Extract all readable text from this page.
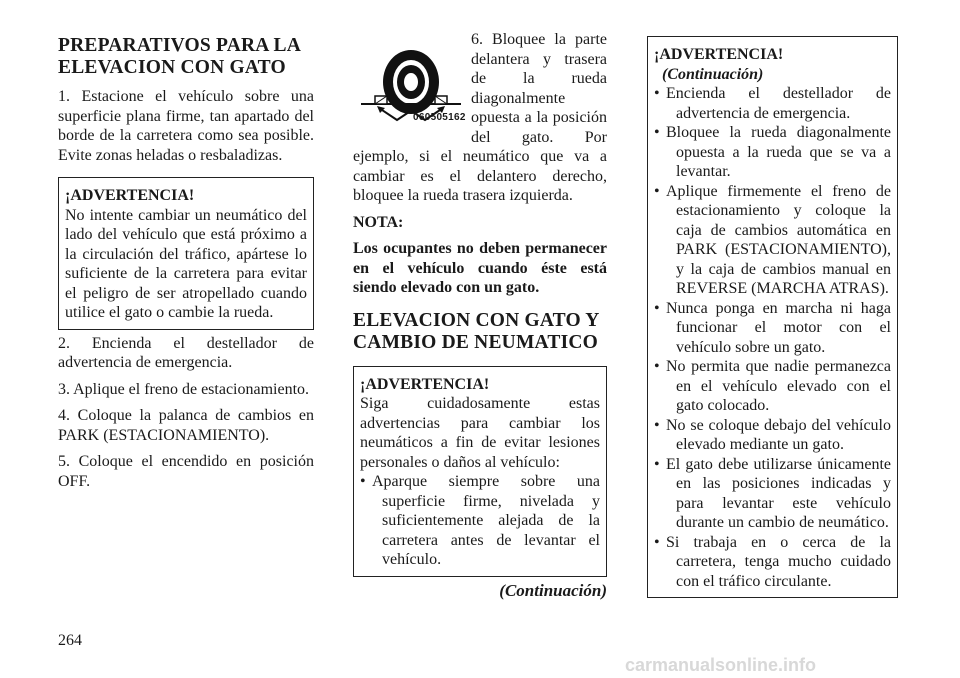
PREPARATIVOS PARA LA ELEVACION CON GATO

1. Estacione el vehículo sobre una superficie plana firme, tan apartado del borde de la carretera como sea posible. Evite zonas heladas o resbaladizas.

¡ADVERTENCIA!
No intente cambiar un neumático del lado del vehículo que está próximo a la circulación del tráfico, apártese lo suficiente de la carretera para evitar el peligro de ser atropellado cuando utilice el gato o cambie la rueda.

2. Encienda el destellador de advertencia de emergencia.

3. Aplique el freno de estacionamiento.

4. Coloque la palanca de cambios en PARK (ESTACIONAMIENTO).

5. Coloque el encendido en posición OFF.

060505162

6. Bloquee la parte delantera y trasera de la rueda diagonalmente opuesta a la posición del gato. Por ejemplo, si el neumático que va a cambiar es el delantero derecho, bloquee la rueda trasera izquierda.

NOTA:

Los ocupantes no deben permanecer en el vehículo cuando éste está siendo elevado con un gato.

ELEVACION CON GATO Y CAMBIO DE NEUMATICO
¡ADVERTENCIA!
Siga cuidadosamente estas advertencias para cambiar los neumáticos a fin de evitar lesiones personales o daños al vehículo:
• Aparque siempre sobre una superficie firme, nivelada y suficientemente alejada de la carretera antes de levantar el vehículo.
(Continuación)
¡ADVERTENCIA!(Continuación)
• Encienda el destellador de advertencia de emergencia.
• Bloquee la rueda diagonalmente opuesta a la rueda que se va a levantar.
• Aplique firmemente el freno de estacionamiento y coloque la caja de cambios automática en PARK (ESTACIONAMIENTO), y la caja de cambios manual en REVERSE (MARCHA ATRAS).
• Nunca ponga en marcha ni haga funcionar el motor con el vehículo sobre un gato.
• No permita que nadie permanezca en el vehículo elevado con el gato colocado.
• No se coloque debajo del vehículo elevado mediante un gato.
• El gato debe utilizarse únicamente en las posiciones indicadas y para levantar este vehículo durante un cambio de neumático.
• Si trabaja en o cerca de la carretera, tenga mucho cuidado con el tráfico circulante.
264
carmanualsonline.info
